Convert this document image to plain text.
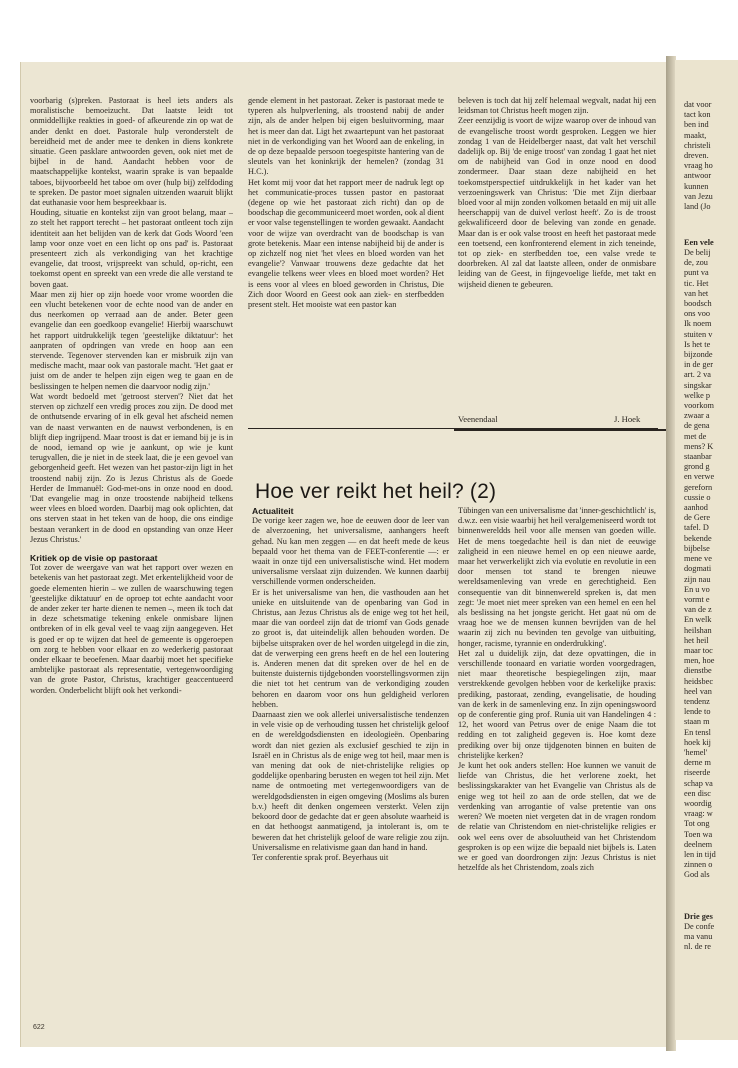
voorbarig (s)preken. Pastoraat is heel iets anders als moralistische bemoeizucht. Dat laatste leidt tot onmiddellijke reakties in goed- of afkeurende zin op wat de ander denkt en doet. Pastorale hulp veronderstelt de bereidheid met de ander mee te denken in diens konkrete situatie. Geen pasklare antwoorden geven, ook niet met de bijbel in de hand. Aandacht hebben voor de maatschappelijke kontekst, waarin sprake is van bepaalde taboes, bijvoorbeeld het taboe om over (hulp bij) zelfdoding te spreken. De pastor moet signalen uitzenden waaruit blijkt dat euthanasie voor hem bespreekbaar is.

Houding, situatie en kontekst zijn van groot belang, maar – zo stelt het rapport terecht – het pastoraat ontleent toch zijn identiteit aan het belijden van de kerk dat Gods Woord 'een lamp voor onze voet en een licht op ons pad' is. Pastoraat presenteert zich als verkondiging van het krachtige evangelie, dat troost, vrijspreekt van schuld, op-richt, een toekomst opent en spreekt van een vrede die alle verstand te boven gaat.

Maar men zij hier op zijn hoede voor vrome woorden die een vlucht betekenen voor de echte nood van de ander en dus neerkomen op verraad aan de ander. Beter geen evangelie dan een goedkoop evangelie! Hierbij waarschuwt het rapport uitdrukkelijk tegen 'geestelijke diktatuur': het aanpraten of opdringen van vrede en hoop aan een stervende. Tegenover stervenden kan er misbruik zijn van medische macht, maar ook van pastorale macht. 'Het gaat er juist om de ander te helpen zijn eigen weg te gaan en de beslissingen te helpen nemen die daarvoor nodig zijn.'

Wat wordt bedoeld met 'getroost sterven'? Niet dat het sterven op zichzelf een vredig proces zou zijn. De dood met de onthutsende ervaring of in elk geval het afscheid nemen van de naast verwanten en de nauwst verbondenen, is en blijft diep ingrijpend. Maar troost is dat er iemand bij je is in de nood, iemand op wie je aankunt, op wie je kunt terugvallen, die je niet in de steek laat, die je een gevoel van geborgenheid geeft. Het wezen van het pastor-zijn ligt in het troostend nabij zijn. Zo is Jezus Christus als de Goede Herder de Immanuël: God-met-ons in onze nood en dood. 'Dat evangelie mag in onze troostende nabijheid telkens weer vlees en bloed worden. Daarbij mag ook oplichten, dat ons sterven staat in het teken van de hoop, die ons eindige bestaan verankert in de dood en opstanding van onze Heer Jezus Christus.'

Kritiek op de visie op pastoraat

Tot zover de weergave van wat het rapport over wezen en betekenis van het pastoraat zegt. Met erkentelijkheid voor de goede elementen hierin – we zullen de waarschuwing tegen 'geestelijke diktatuur' en de oproep tot echte aandacht voor de ander zeker ter harte dienen te nemen –, meen ik toch dat in deze schetsmatige tekening enkele onmisbare lijnen ontbreken of in elk geval veel te vaag zijn aangegeven. Het is goed er op te wijzen dat heel de gemeente is opgeroepen om zorg te hebben voor elkaar en zo wederkerig pastoraat onder elkaar te beoefenen. Maar daarbij moet het specifieke ambtelijke pastoraat als representatie, vertegenwoordiging van de grote Pastor, Christus, krachtiger geaccentueerd worden. Onderbelicht blijft ook het verkondi-

gende element in het pastoraat. Zeker is pastoraat mede te typeren als hulpverlening, als troostend nabij de ander zijn, als de ander helpen bij eigen besluitvorming, maar het is meer dan dat. Ligt het zwaartepunt van het pastoraat niet in de verkondiging van het Woord aan de enkeling, in de op deze bepaalde persoon toegespitste hantering van de sleutels van het koninkrijk der hemelen? (zondag 31 H.C.).

Het komt mij voor dat het rapport meer de nadruk legt op het communicatie-proces tussen pastor en pastoraat (degene op wie het pastoraat zich richt) dan op de boodschap die gecommuniceerd moet worden, ook al dient er voor valse tegenstellingen te worden gewaakt. Aandacht voor de wijze van overdracht van de boodschap is van grote betekenis. Maar een intense nabijheid bij de ander is op zichzelf nog niet 'het vlees en bloed worden van het evangelie'? Vanwaar trouwens deze gedachte dat het evangelie telkens weer vlees en bloed moet worden? Het is eens voor al vlees en bloed geworden in Christus, Die Zich door Woord en Geest ook aan ziek- en sterfbedden present stelt. Het mooiste wat een pastor kan

beleven is toch dat hij zelf helemaal wegvalt, nadat hij een leidsman tot Christus heeft mogen zijn.

Zeer eenzijdig is voort de wijze waarop over de inhoud van de evangelische troost wordt gesproken. Leggen we hier zondag 1 van de Heidelberger naast, dat valt het verschil dadelijk op. Bij 'de enige troost' van zondag 1 gaat het niet om de nabijheid van God in onze nood en dood zondermeer. Daar staan deze nabijheid en het toekomstperspectief uitdrukkelijk in het kader van het verzoeningswerk van Christus: 'Die met Zijn dierbaar bloed voor al mijn zonden volkomen betaald en mij uit alle heerschappij van de duivel verlost heeft'. Zo is de troost gekwalificeerd door de beleving van zonde en genade. Maar dan is er ook valse troost en heeft het pastoraat mede een toetsend, een konfronterend element in zich teneinde, tot op ziek- en sterfbedden toe, een valse vrede te doorbreken. Al zal dat laatste alleen, onder de onmisbare leiding van de Geest, in fijngevoelige liefde, met takt en wijsheid dienen te gebeuren.

Veenendaal	J. Hoek
Hoe ver reikt het heil? (2)
Actualiteit

De vorige keer zagen we, hoe de eeuwen door de leer van de alverzoening, het universalisme, aanhangers heeft gehad. Nu kan men zeggen — en dat heeft mede de keus bepaald voor het thema van de FEET-conferentie —: er waait in onze tijd een universalistische wind. Het modern universalisme verslaat zijn duizenden. We kunnen daarbij verschillende vormen onderscheiden.

Er is het universalisme van hen, die vasthouden aan het unieke en uitsluitende van de openbaring van God in Christus, aan Jezus Christus als de enige weg tot het heil, maar die van oordeel zijn dat de triomf van Gods genade zo groot is, dat uiteindelijk allen behouden worden. De bijbelse uitspraken over de hel worden uitgelegd in die zin, dat de verwerping een grens heeft en de hel een loutering is. Anderen menen dat dit spreken over de hel en de buitenste duisternis tijdgebonden voorstellingsvormen zijn die niet tot het centrum van de verkondiging zouden behoren en daarom voor ons hun geldigheid verloren hebben.

Daarnaast zien we ook allerlei universalistische tendenzen in vele visie op de verhouding tussen het christelijk geloof en de wereldgodsdiensten en ideologieën. Openbaring wordt dan niet gezien als exclusief geschied te zijn in Israël en in Christus als de enige weg tot heil, maar men is van mening dat ook de niet-christelijke religies op goddelijke openbaring berusten en wegen tot heil zijn. Met name de ontmoeting met vertegenwoordigers van de wereldgodsdiensten in eigen omgeving (Moslims als buren b.v.) heeft dit denken ongemeen versterkt. Velen zijn bekoord door de gedachte dat er geen absolute waarheid is en dat hethoogst aanmatigend, ja intolerant is, om te beweren dat het christelijk geloof de ware religie zou zijn. Universalisme en relativisme gaan dan hand in hand.

Ter conferentie sprak prof. Beyerhaus uit

Tübingen van een universalisme dat 'inner-geschichtlich' is, d.w.z. een visie waarbij het heil veralgemeniseerd wordt tot binnenwereldds heil voor alle mensen van goeden wille. Het de mens toegedachte heil is dan niet de eeuwige zaligheid in een nieuwe hemel en op een nieuwe aarde, maar het verwerkelijkt zich via evolutie en revolutie in een door mensen tot stand te brengen nieuwe wereldsamenleving van vrede en gerechtigheid. Een consequentie van dit binnenwereld spreken is, dat men zegt: 'Je moet niet meer spreken van een hemel en een hel als beslissing na het jongste gericht. Het gaat nú om de vraag hoe we de mensen kunnen bevrijden van de hel waarin zij zich nu bevinden ten gevolge van uitbuiting, honger, racisme, tyrannie en onderdrukking'.

Het zal u duidelijk zijn, dat deze opvattingen, die in verschillende toonaard en variatie worden voorgedragen, niet maar theoretische bespiegelingen zijn, maar verstrekkende gevolgen hebben voor de kerkelijke praxis: prediking, pastoraat, zending, evangelisatie, de houding van de kerk in de samenleving enz. In zijn openingswoord op de conferentie ging prof. Runia uit van Handelingen 4 : 12, het woord van Petrus over de enige Naam die tot redding en tot zaligheid gegeven is. Hoe komt deze prediking over bij onze tijdgenoten binnen en buiten de christelijke kerken?

Je kunt het ook anders stellen: Hoe kunnen we vanuit de liefde van Christus, die het verlorene zoekt, het beslissingskarakter van het Evangelie van Christus als de enige weg tot heil zo aan de orde stellen, dat we de verdenking van arrogantie of valse pretentie van ons weren? We moeten niet vergeten dat in de vragen rondom de relatie van Christendom en niet-christelijke religies er ook wel eens over de absoluutheid van het Christendom gesproken is op een wijze die bepaald niet bijbels is. Laten we er goed van doordrongen zijn: Jezus Christus is niet hetzelfde als het Christendom, zoals zich

622
dat voor
tact kon
ben ind
maakt,
christeli
dreven.
vraag ho
antwoor
kunnen
van Jezu
land (Jo
Een vele
De belij
de, zou
punt va
tic. Het
van het
boodsch
ons voo
Ik noem
stuiten v
Is het te
bijzonde
in de ger
art. 2 va
singskar
welke p
voorkom
zwaar a
de gena
met de
mens? K
staanbar
grond g
en verwe
gereforn
cussie o
aanhod
de Gere
tafel. D
bekende
bijbelse
mene ve
dogmati
zijn nau
En u vo
vormt e
van de z
En welk
heilshan
het heil
maar toc
men, hoe
dienstbe
heidsbec
heel van
tendenz
lende to
staan m
En tensl
hoek kij
'hemel'
derne m
riseerde
schap va
een disc
woordig
vraag: w
Tot ong
Toen wa
deelnem
len in tijd
zinnen o
God als
Drie ges
De confe
ma vanu
nl. de re
